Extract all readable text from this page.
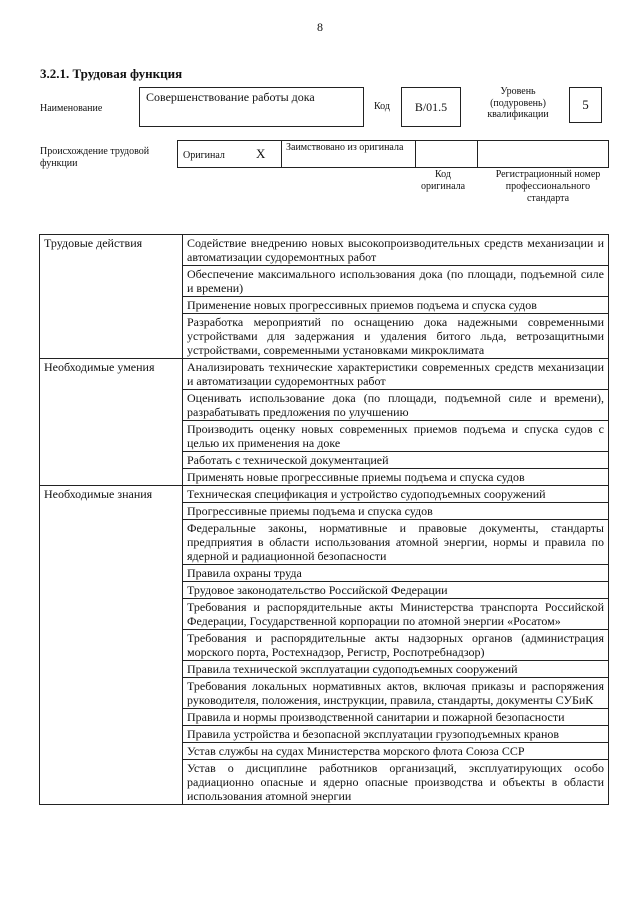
8
3.2.1. Трудовая функция
Наименование
Совершенствование работы дока
Код	B/01.5
Уровень (подуровень) квалификации
5
Происхождение трудовой функции
Оригинал X Заимствовано из оригинала
Код оригинала
Регистрационный номер профессионального стандарта
Трудовые действия	Содействие внедрению новых высокопроизводительных средств механизации и автоматизации судоремонтных работ
	Обеспечение максимального использования дока (по площади, подъемной силе и времени)
	Применение новых прогрессивных приемов подъема и спуска судов
	Разработка мероприятий по оснащению дока надежными современными устройствами для задержания и удаления битого льда, ветрозащитными устройствами, современными установками микроклимата
Необходимые умения	Анализировать технические характеристики современных средств механизации и автоматизации судоремонтных работ
	Оценивать использование дока (по площади, подъемной силе и времени), разрабатывать предложения по улучшению
	Производить оценку новых современных приемов подъема и спуска судов с целью их применения на доке
	Работать с технической документацией
	Применять новые прогрессивные приемы подъема и спуска судов
Необходимые знания	Техническая спецификация и устройство судоподъемных сооружений
	Прогрессивные приемы подъема и спуска судов
	Федеральные законы, нормативные и правовые документы, стандарты предприятия в области использования атомной энергии, нормы и правила по ядерной и радиационной безопасности
	Правила охраны труда
	Трудовое законодательство Российской Федерации
	Требования и распорядительные акты Министерства транспорта Российской Федерации, Государственной корпорации по атомной энергии «Росатом»
	Требования и распорядительные акты надзорных органов (администрация морского порта, Ростехнадзор, Регистр, Роспотребнадзор)
	Правила технической эксплуатации судоподъемных сооружений
	Требования локальных нормативных актов, включая приказы и распоряжения руководителя, положения, инструкции, правила, стандарты, документы СУБиК
	Правила и нормы производственной санитарии и пожарной безопасности
	Правила устройства и безопасной эксплуатации грузоподъемных кранов
	Устав службы на судах Министерства морского флота Союза ССР
	Устав о дисциплине работников организаций, эксплуатирующих особо радиационно опасные и ядерно опасные производства и объекты в области использования атомной энергии
